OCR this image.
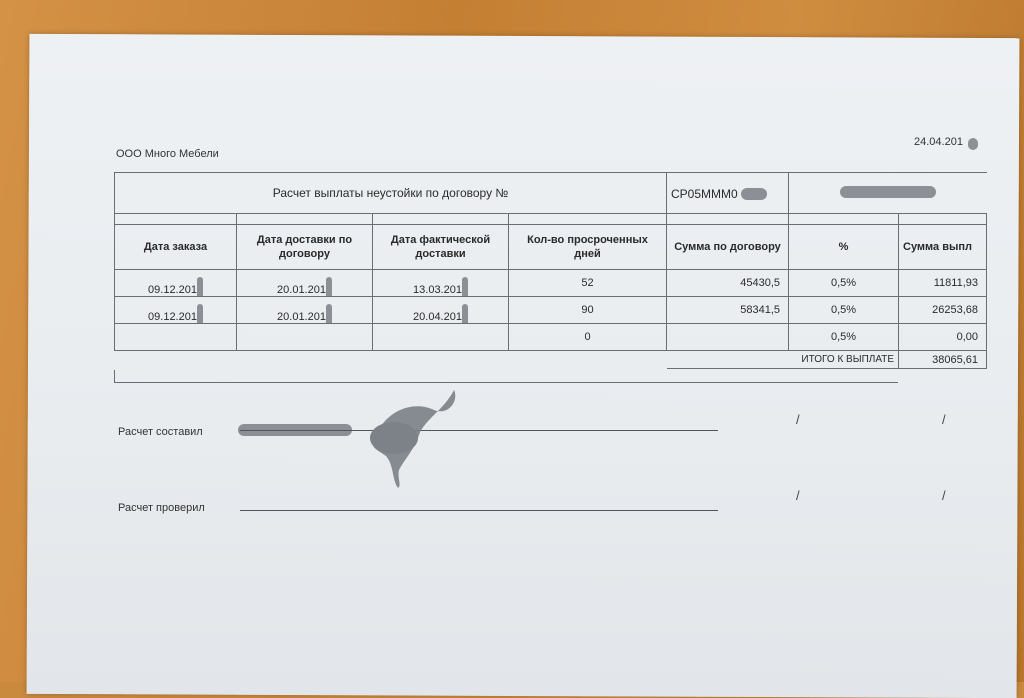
ООО Много Мебели
24.04.201
Расчет выплаты неустойки по договору №				СР05МММ0		

Дата заказа	Дата доставки по договору	Дата фактической доставки	Кол-во просроченных дней	Сумма по договору	%	Сумма выпл
09.12.201	20.01.201	13.03.201	52	45430,5	0,5%	11811,93
09.12.201	20.01.201	20.04.201	90	58341,5	0,5%	26253,68
			0		0,5%	0,00
				ИТОГО К ВЫПЛАТЕ		38065,61
Расчет составил
/	/
Расчет проверил
/	/
